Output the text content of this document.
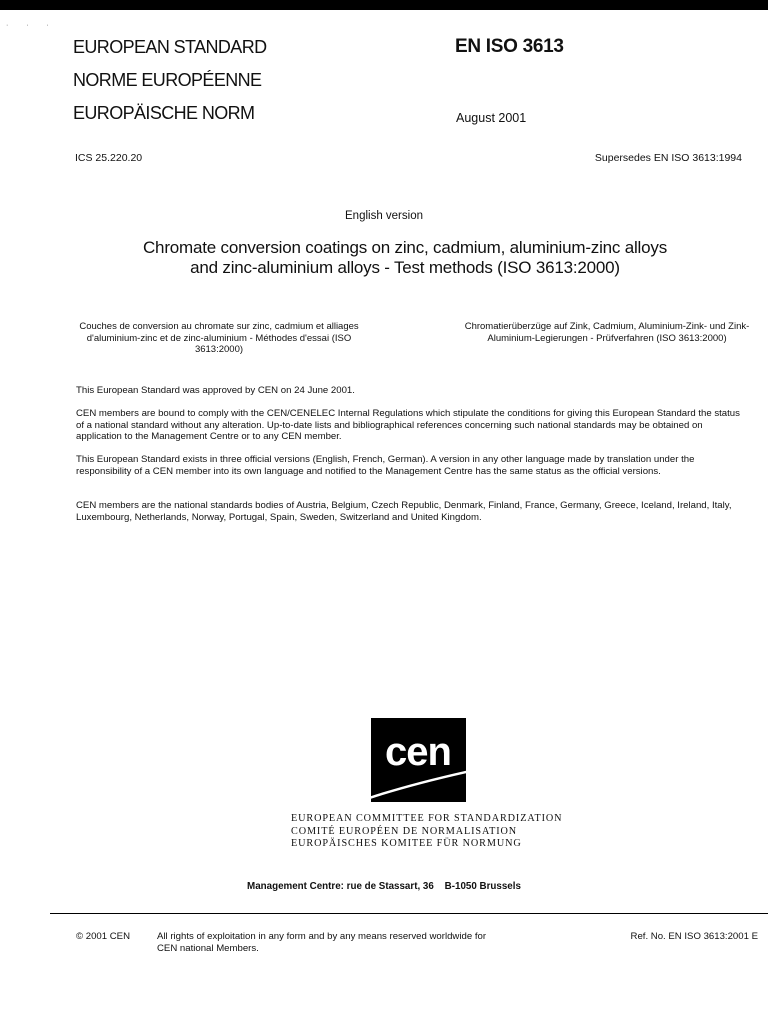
· · ·
EUROPEAN STANDARD
NORME EUROPÉENNE
EUROPÄISCHE NORM
EN ISO 3613
August 2001
ICS 25.220.20	Supersedes EN ISO 3613:1994
English version
Chromate conversion coatings on zinc, cadmium, aluminium-zinc alloys and zinc-aluminium alloys - Test methods (ISO 3613:2000)
Couches de conversion au chromate sur zinc, cadmium et alliages d'aluminium-zinc et de zinc-aluminium - Méthodes d'essai (ISO 3613:2000)
Chromatierüberzüge auf Zink, Cadmium, Aluminium-Zink- und Zink-Aluminium-Legierungen - Prüfverfahren (ISO 3613:2000)
This European Standard was approved by CEN on 24 June 2001.
CEN members are bound to comply with the CEN/CENELEC Internal Regulations which stipulate the conditions for giving this European Standard the status of a national standard without any alteration. Up-to-date lists and bibliographical references concerning such national standards may be obtained on application to the Management Centre or to any CEN member.
This European Standard exists in three official versions (English, French, German). A version in any other language made by translation under the responsibility of a CEN member into its own language and notified to the Management Centre has the same status as the official versions.
CEN members are the national standards bodies of Austria, Belgium, Czech Republic, Denmark, Finland, France, Germany, Greece, Iceland, Ireland, Italy, Luxembourg, Netherlands, Norway, Portugal, Spain, Sweden, Switzerland and United Kingdom.
cen
EUROPEAN COMMITTEE FOR STANDARDIZATION
COMITÉ EUROPÉEN DE NORMALISATION
EUROPÄISCHES KOMITEE FÜR NORMUNG
Management Centre: rue de Stassart, 36    B-1050 Brussels
© 2001 CEN	All rights of exploitation in any form and by any means reserved worldwide for CEN national Members.
Ref. No. EN ISO 3613:2001 E
